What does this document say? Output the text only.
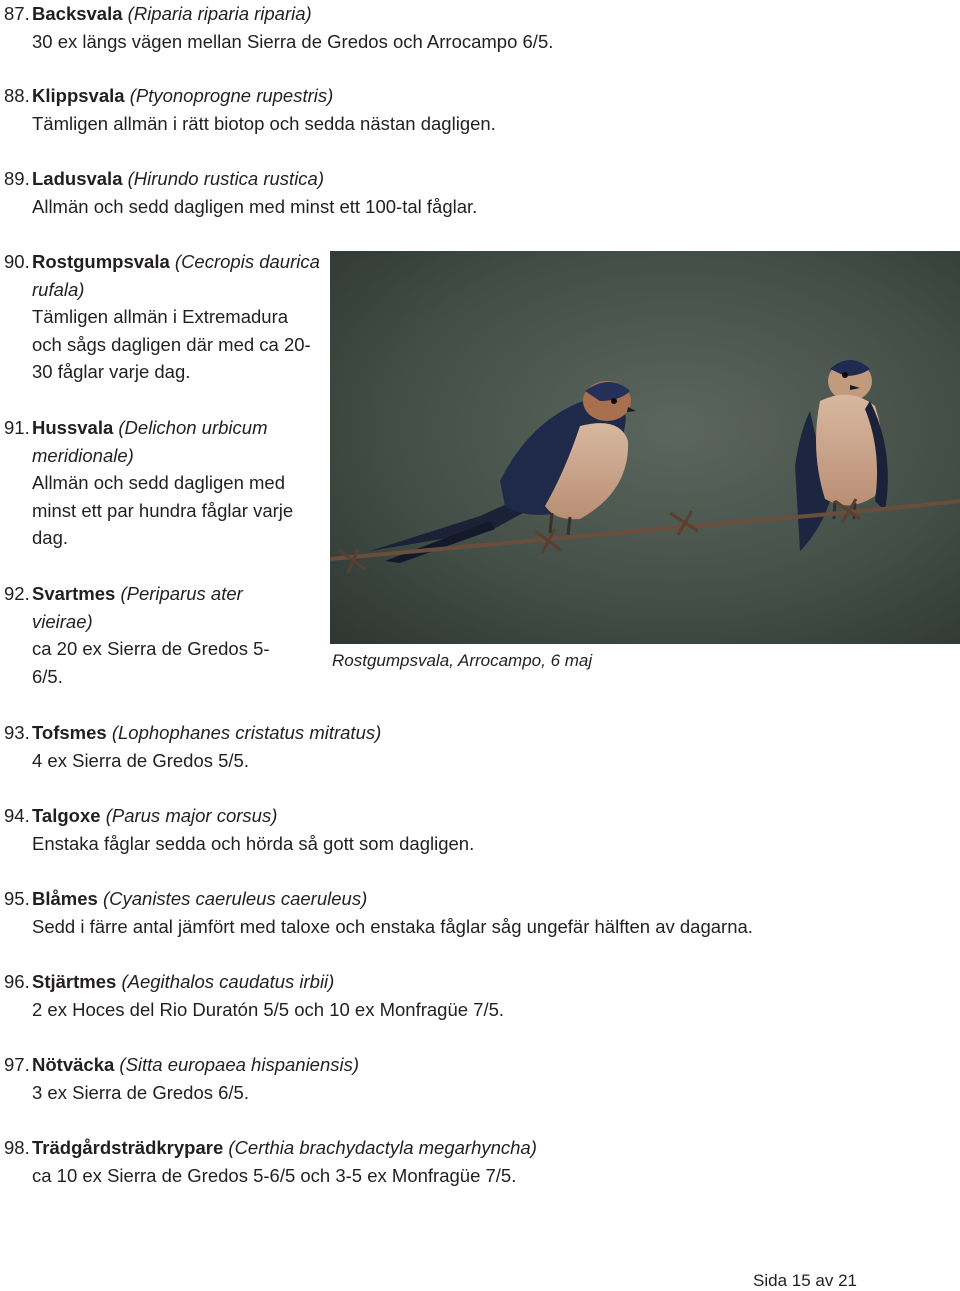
87. Backsvala (Riparia riparia riparia)
30 ex längs vägen mellan Sierra de Gredos och Arrocampo 6/5.
88. Klippsvala (Ptyonoprogne rupestris)
Tämligen allmän i rätt biotop och sedda nästan dagligen.
89. Ladusvala (Hirundo rustica rustica)
Allmän och sedd dagligen med minst ett 100-tal fåglar.
90. Rostgumpsvala (Cecropis daurica rufala)
Tämligen allmän i Extremadura och sågs dagligen där med ca 20-30 fåglar varje dag.
91. Hussvala (Delichon urbicum meridionale)
Allmän och sedd dagligen med minst ett par hundra fåglar varje dag.
92. Svartmes (Periparus ater vieirae)
ca 20 ex Sierra de Gredos 5-6/5.
93. Tofsmes (Lophophanes cristatus mitratus)
4 ex Sierra de Gredos 5/5.
94. Talgoxe (Parus major corsus)
Enstaka fåglar sedda och hörda så gott som dagligen.
95. Blåmes (Cyanistes caeruleus caeruleus)
Sedd i färre antal jämfört med taloxe och enstaka fåglar såg ungefär hälften av dagarna.
96. Stjärtmes (Aegithalos caudatus irbii)
2 ex Hoces del Rio Duratón 5/5 och 10 ex Monfragüe 7/5.
97. Nötväcka (Sitta europaea hispaniensis)
3 ex Sierra de Gredos 6/5.
98. Trädgårdsträdkrypare (Certhia brachydactyla megarhyncha)
ca 10 ex Sierra de Gredos 5-6/5 och 3-5 ex Monfragüe 7/5.
Rostgumpsvala, Arrocampo, 6 maj
Sida 15 av 21
